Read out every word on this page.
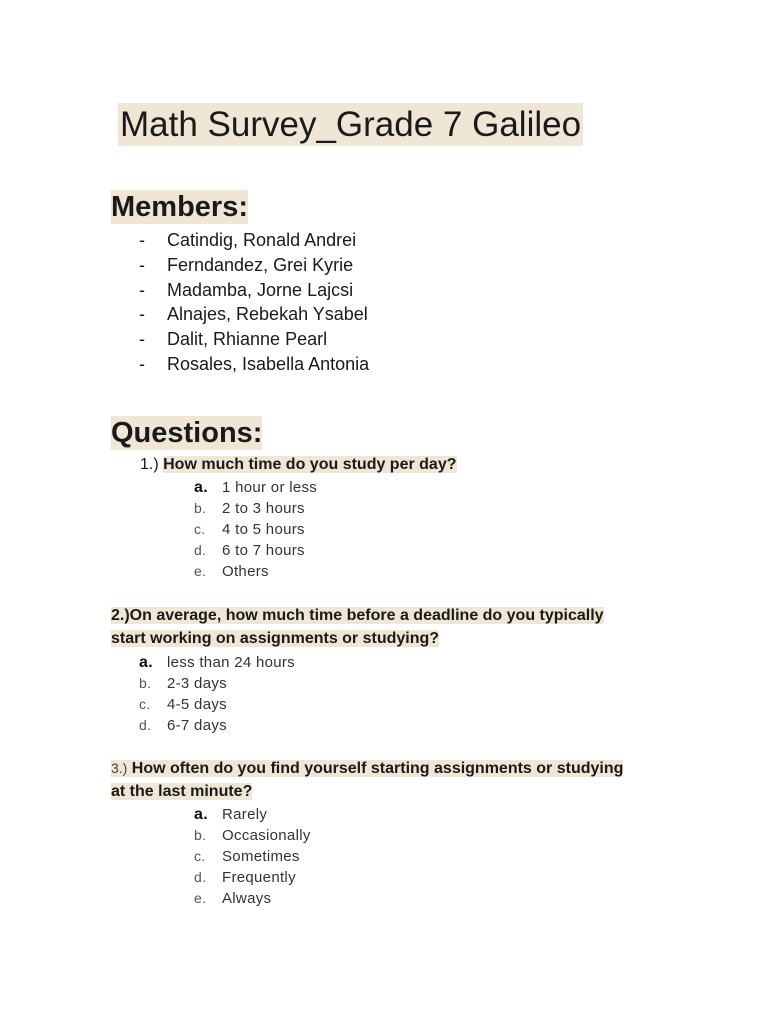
Math Survey_Grade 7 Galileo
Members:
- Catindig, Ronald Andrei
- Ferndandez, Grei Kyrie
- Madamba, Jorne Lajcsi
- Alnajes, Rebekah Ysabel
- Dalit, Rhianne Pearl
- Rosales, Isabella Antonia
Questions:

1.) How much time do you study per day?

a. 1 hour or less
b. 2 to 3 hours
c. 4 to 5 hours
d. 6 to 7 hours
e. Others

2.)On average, how much time before a deadline do you typically
start working on assignments or studying?

a. less than 24 hours
b. 2-3 days
c. 4-5 days
d. 6-7 days

3.) How often do you find yourself starting assignments or studying
at the last minute?

a. Rarely
b. Occasionally
c. Sometimes
d. Frequently
e. Always
